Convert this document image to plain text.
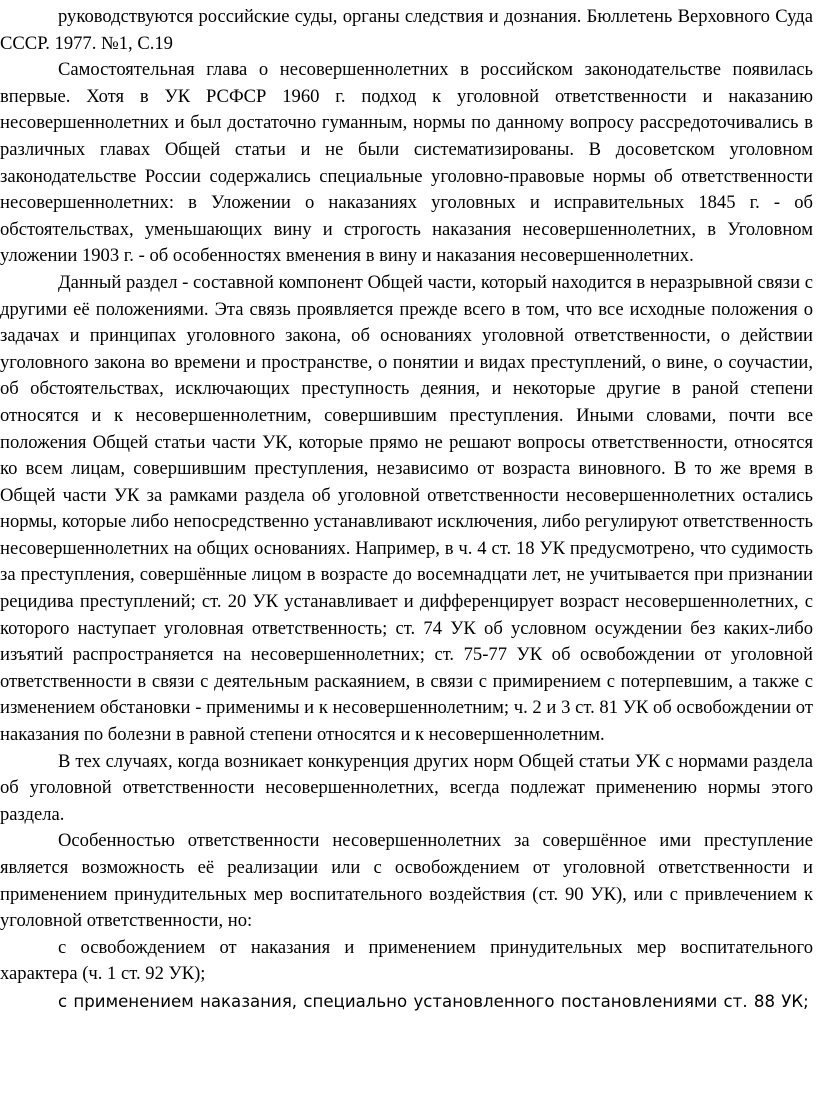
руководствуются российские суды, органы следствия и дознания. Бюллетень Верховного Суда СССР. 1977. №1, С.19

Самостоятельная глава о несовершеннолетних в российском законодательстве появилась впервые. Хотя в УК РСФСР 1960 г. подход к уголовной ответственности и наказанию несовершеннолетних и был достаточно гуманным, нормы по данному вопросу рассредоточивались в различных главах Общей статьи и не были систематизированы. В досоветском уголовном законодательстве России содержались специальные уголовно-правовые нормы об ответственности несовершеннолетних: в Уложении о наказаниях уголовных и исправительных 1845 г. - об обстоятельствах, уменьшающих вину и строгость наказания несовершеннолетних, в Уголовном уложении 1903 г. - об особенностях вменения в вину и наказания несовершеннолетних.

Данный раздел - составной компонент Общей части, который находится в неразрывной связи с другими её положениями. Эта связь проявляется прежде всего в том, что все исходные положения о задачах и принципах уголовного закона, об основаниях уголовной ответственности, о действии уголовного закона во времени и пространстве, о понятии и видах преступлений, о вине, о соучастии, об обстоятельствах, исключающих преступность деяния, и некоторые другие в раной степени относятся и к несовершеннолетним, совершившим преступления. Иными словами, почти все положения Общей статьи части УК, которые прямо не решают вопросы ответственности, относятся ко всем лицам, совершившим преступления, независимо от возраста виновного. В то же время в Общей части УК за рамками раздела об уголовной ответственности несовершеннолетних остались нормы, которые либо непосредственно устанавливают исключения, либо регулируют ответственность несовершеннолетних на общих основаниях. Например, в ч. 4 ст. 18 УК предусмотрено, что судимость за преступления, совершённые лицом в возрасте до восемнадцати лет, не учитывается при признании рецидива преступлений; ст. 20 УК устанавливает и дифференцирует возраст несовершеннолетних, с которого наступает уголовная ответственность; ст. 74 УК об условном осуждении без каких-либо изъятий распространяется на несовершеннолетних; ст. 75-77 УК об освобождении от уголовной ответственности в связи с деятельным раскаянием, в связи с примирением с потерпевшим, а также с изменением обстановки - применимы и к несовершеннолетним; ч. 2 и 3 ст. 81 УК об освобождении от наказания по болезни в равной степени относятся и к несовершеннолетним.

В тех случаях, когда возникает конкуренция других норм Общей статьи УК с нормами раздела об уголовной ответственности несовершеннолетних, всегда подлежат применению нормы этого раздела.

Особенностью ответственности несовершеннолетних за совершённое ими преступление является возможность её реализации или с освобождением от уголовной ответственности и применением принудительных мер воспитательного воздействия (ст. 90 УК), или с привлечением к уголовной ответственности, но:

с освобождением от наказания и применением принудительных мер воспитательного характера (ч. 1 ст. 92 УК);

с применением наказания, специально установленного постановлениями ст. 88 УК;
